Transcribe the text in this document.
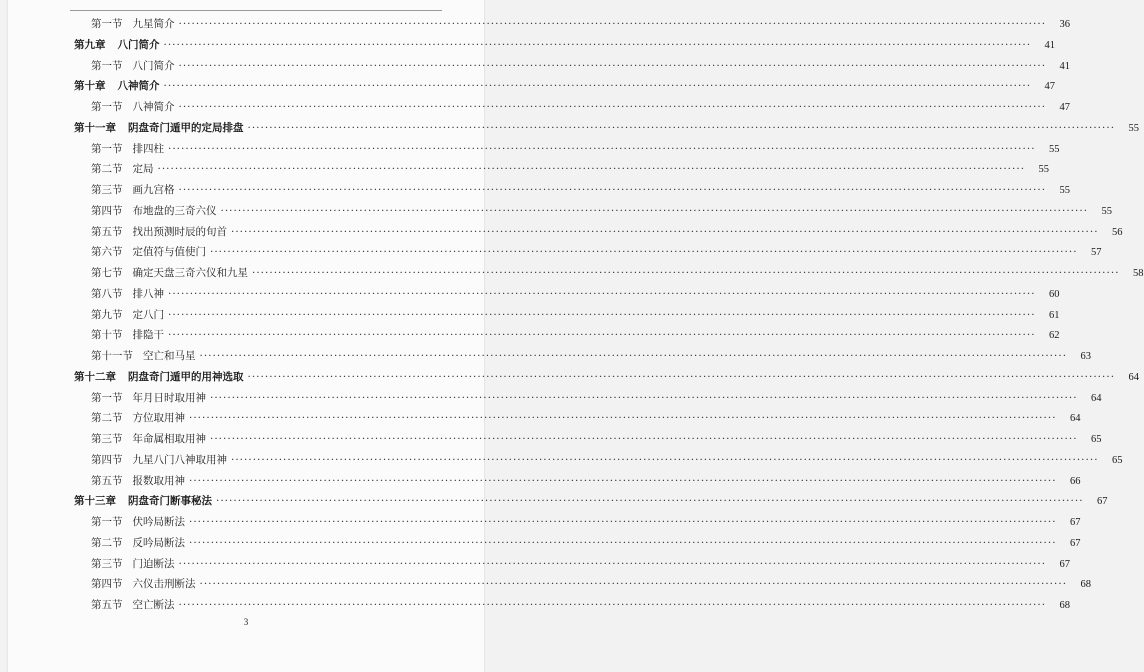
第一节 九星简介 ········································································································································································································	36
第九章	八门简介 ········································································································································································································	41
第一节 八门简介 ········································································································································································································	41
第十章	八神简介 ········································································································································································································	47
第一节 八神简介 ········································································································································································································	47
第十一章	阴盘奇门遁甲的定局排盘 ········································································································································································································	55
第一节 排四柱 ········································································································································································································	55
第二节 定局 ········································································································································································································	55
第三节 画九宫格 ········································································································································································································	55
第四节 布地盘的三奇六仪 ········································································································································································································	55
第五节 找出预测时辰的旬首 ········································································································································································································	56
第六节 定值符与值使门 ········································································································································································································	57
第七节 确定天盘三奇六仪和九星 ········································································································································································································	58
第八节 排八神 ········································································································································································································	60
第九节 定八门 ········································································································································································································	61
第十节 排隐干 ········································································································································································································	62
第十一节 空亡和马星 ········································································································································································································	63
第十二章	阴盘奇门遁甲的用神选取 ········································································································································································································	64
第一节 年月日时取用神 ········································································································································································································	64
第二节 方位取用神 ········································································································································································································	64
第三节 年命属相取用神 ········································································································································································································	65
第四节 九星八门八神取用神 ········································································································································································································	65
第五节 报数取用神 ········································································································································································································	66
第十三章	阴盘奇门断事秘法 ········································································································································································································	67
第一节 伏吟局断法 ········································································································································································································	67
第二节 反吟局断法 ········································································································································································································	67
第三节 门迫断法 ········································································································································································································	67
第四节 六仪击刑断法 ········································································································································································································	68
第五节 空亡断法 ········································································································································································································	68
3
